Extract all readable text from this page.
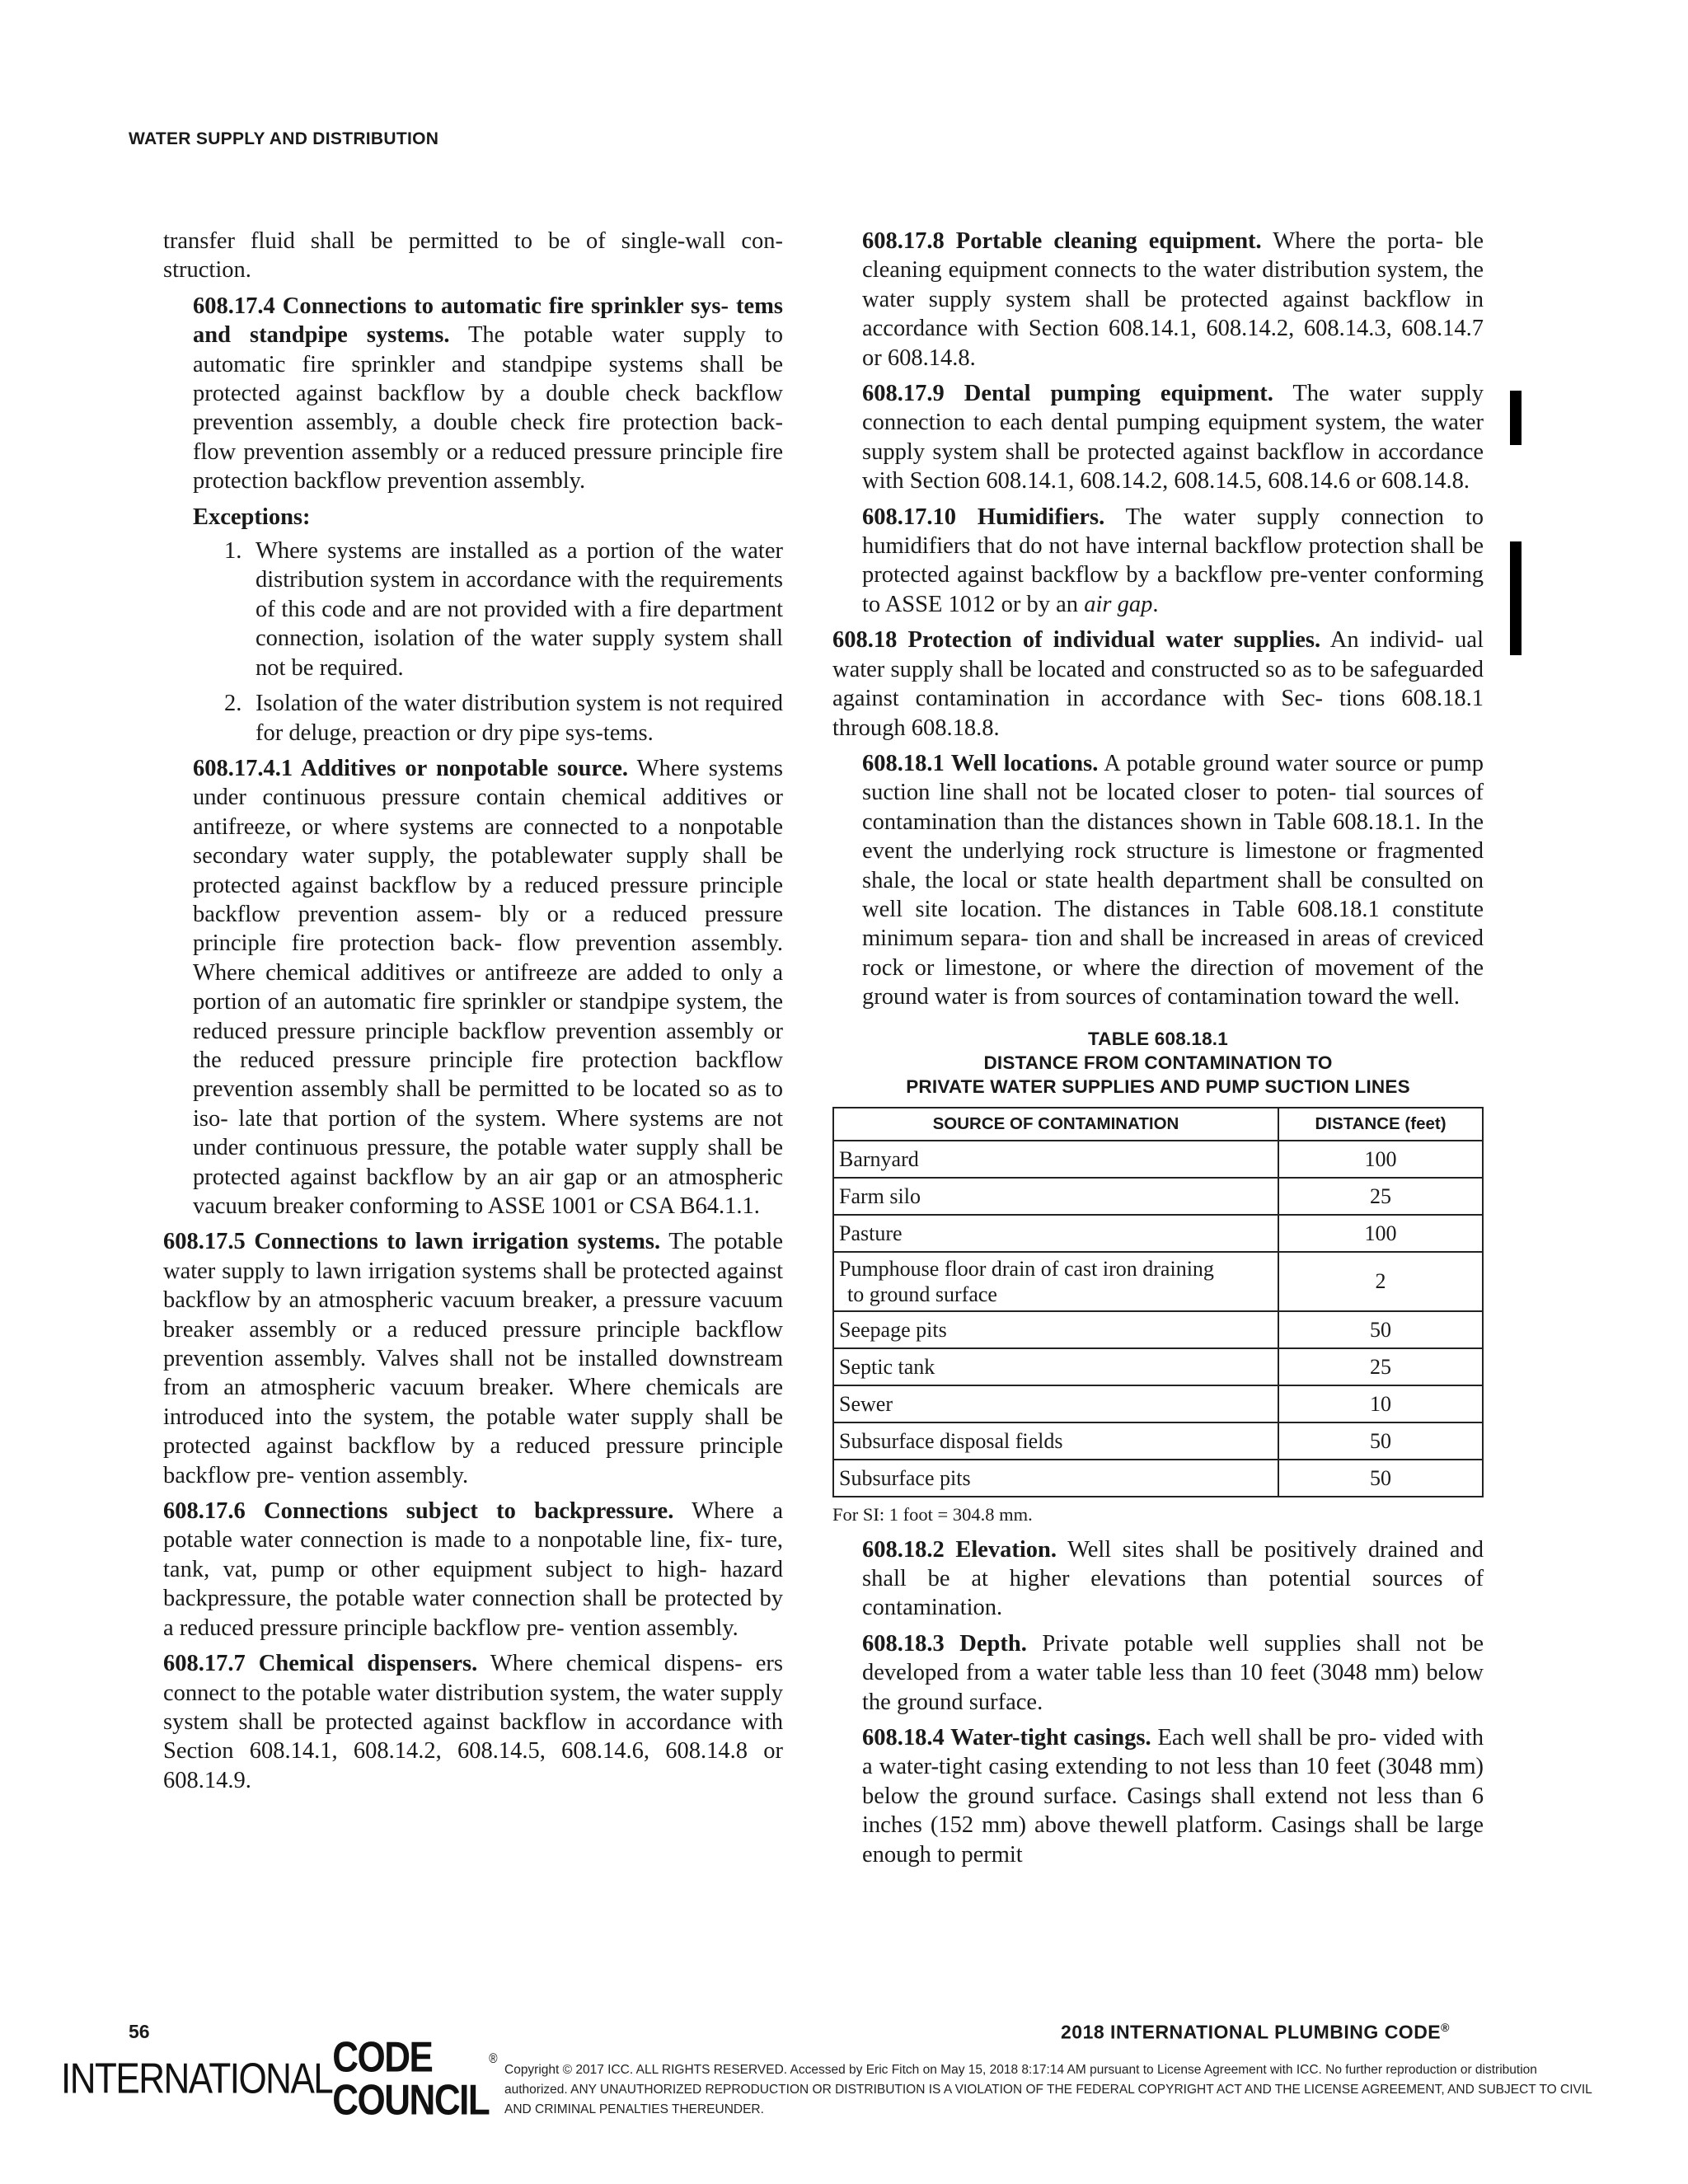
WATER SUPPLY AND DISTRIBUTION
transfer fluid shall be permitted to be of single-wall con- struction.
608.17.4 Connections to automatic fire sprinkler sys- tems and standpipe systems. The potable water supply to automatic fire sprinkler and standpipe systems shall be protected against backflow by a double check backflow prevention assembly, a double check fire protection back- flow prevention assembly or a reduced pressure principle fire protection backflow prevention assembly.
Exceptions:
1. Where systems are installed as a portion of the water distribution system in accordance with the requirements of this code and are not provided with a fire department connection, isolation of the water supply system shall not be required.
2. Isolation of the water distribution system is not required for deluge, preaction or dry pipe sys-tems.
608.17.4.1 Additives or nonpotable source. Where systems under continuous pressure contain chemical additives or antifreeze, or where systems are connected to a nonpotable secondary water supply, the potablewater supply shall be protected against backflow by a reduced pressure principle backflow prevention assem- bly or a reduced pressure principle fire protection back- flow prevention assembly. Where chemical additives or antifreeze are added to only a portion of an automatic fire sprinkler or standpipe system, the reduced pressure principle backflow prevention assembly or the reduced pressure principle fire protection backflow prevention assembly shall be permitted to be located so as to iso- late that portion of the system. Where systems are not under continuous pressure, the potable water supply shall be protected against backflow by an air gap or an atmospheric vacuum breaker conforming to ASSE 1001 or CSA B64.1.1.
608.17.5 Connections to lawn irrigation systems. The potable water supply to lawn irrigation systems shall be protected against backflow by an atmospheric vacuum breaker, a pressure vacuum breaker assembly or a reduced pressure principle backflow prevention assembly. Valves shall not be installed downstream from an atmospheric vacuum breaker. Where chemicals are introduced into the system, the potable water supply shall be protected against backflow by a reduced pressure principle backflow pre- vention assembly.
608.17.6 Connections subject to backpressure. Where a potable water connection is made to a nonpotable line, fix- ture, tank, vat, pump or other equipment subject to high- hazard backpressure, the potable water connection shall be protected by a reduced pressure principle backflow pre- vention assembly.
608.17.7 Chemical dispensers. Where chemical dispens- ers connect to the potable water distribution system, the water supply system shall be protected against backflow in accordance with Section 608.14.1, 608.14.2, 608.14.5, 608.14.6, 608.14.8 or 608.14.9.
608.17.8 Portable cleaning equipment. Where the porta- ble cleaning equipment connects to the water distribution system, the water supply system shall be protected against backflow in accordance with Section 608.14.1, 608.14.2, 608.14.3, 608.14.7 or 608.14.8.
608.17.9 Dental pumping equipment. The water supply connection to each dental pumping equipment system, the water supply system shall be protected against backflow in accordance with Section 608.14.1, 608.14.2, 608.14.5, 608.14.6 or 608.14.8.
608.17.10 Humidifiers. The water supply connection to humidifiers that do not have internal backflow protection shall be protected against backflow by a backflow pre-venter conforming to ASSE 1012 or by an air gap.
608.18 Protection of individual water supplies. An individ- ual water supply shall be located and constructed so as to be safeguarded against contamination in accordance with Sec- tions 608.18.1 through 608.18.8.
608.18.1 Well locations. A potable ground water source or pump suction line shall not be located closer to poten- tial sources of contamination than the distances shown in Table 608.18.1. In the event the underlying rock structure is limestone or fragmented shale, the local or state health department shall be consulted on well site location. The distances in Table 608.18.1 constitute minimum separa- tion and shall be increased in areas of creviced rock or limestone, or where the direction of movement of the ground water is from sources of contamination toward the well.
TABLE 608.18.1
DISTANCE FROM CONTAMINATION TO
PRIVATE WATER SUPPLIES AND PUMP SUCTION LINES
SOURCE OF CONTAMINATION	DISTANCE (feet)
Barnyard	100
Farm silo	25
Pasture	100
Pumphouse floor drain of cast iron draining
to ground surface	2
Seepage pits	50
Septic tank	25
Sewer	10
Subsurface disposal fields	50
Subsurface pits	50
For SI: 1 foot = 304.8 mm.
608.18.2 Elevation. Well sites shall be positively drained and shall be at higher elevations than potential sources of contamination.
608.18.3 Depth. Private potable well supplies shall not be developed from a water table less than 10 feet (3048 mm) below the ground surface.
608.18.4 Water-tight casings. Each well shall be pro- vided with a water-tight casing extending to not less than 10 feet (3048 mm) below the ground surface. Casings shall extend not less than 6 inches (152 mm) above thewell platform. Casings shall be large enough to permit
56	2018 INTERNATIONAL PLUMBING CODE®
INTERNATIONAL CODE COUNCIL
®
Copyright © 2017 ICC. ALL RIGHTS RESERVED. Accessed by Eric Fitch on May 15, 2018 8:17:14 AM pursuant to License Agreement with ICC. No further reproduction or distribution authorized. ANY UNAUTHORIZED REPRODUCTION OR DISTRIBUTION IS A VIOLATION OF THE FEDERAL COPYRIGHT ACT AND THE LICENSE AGREEMENT, AND SUBJECT TO CIVIL AND CRIMINAL PENALTIES THEREUNDER.
